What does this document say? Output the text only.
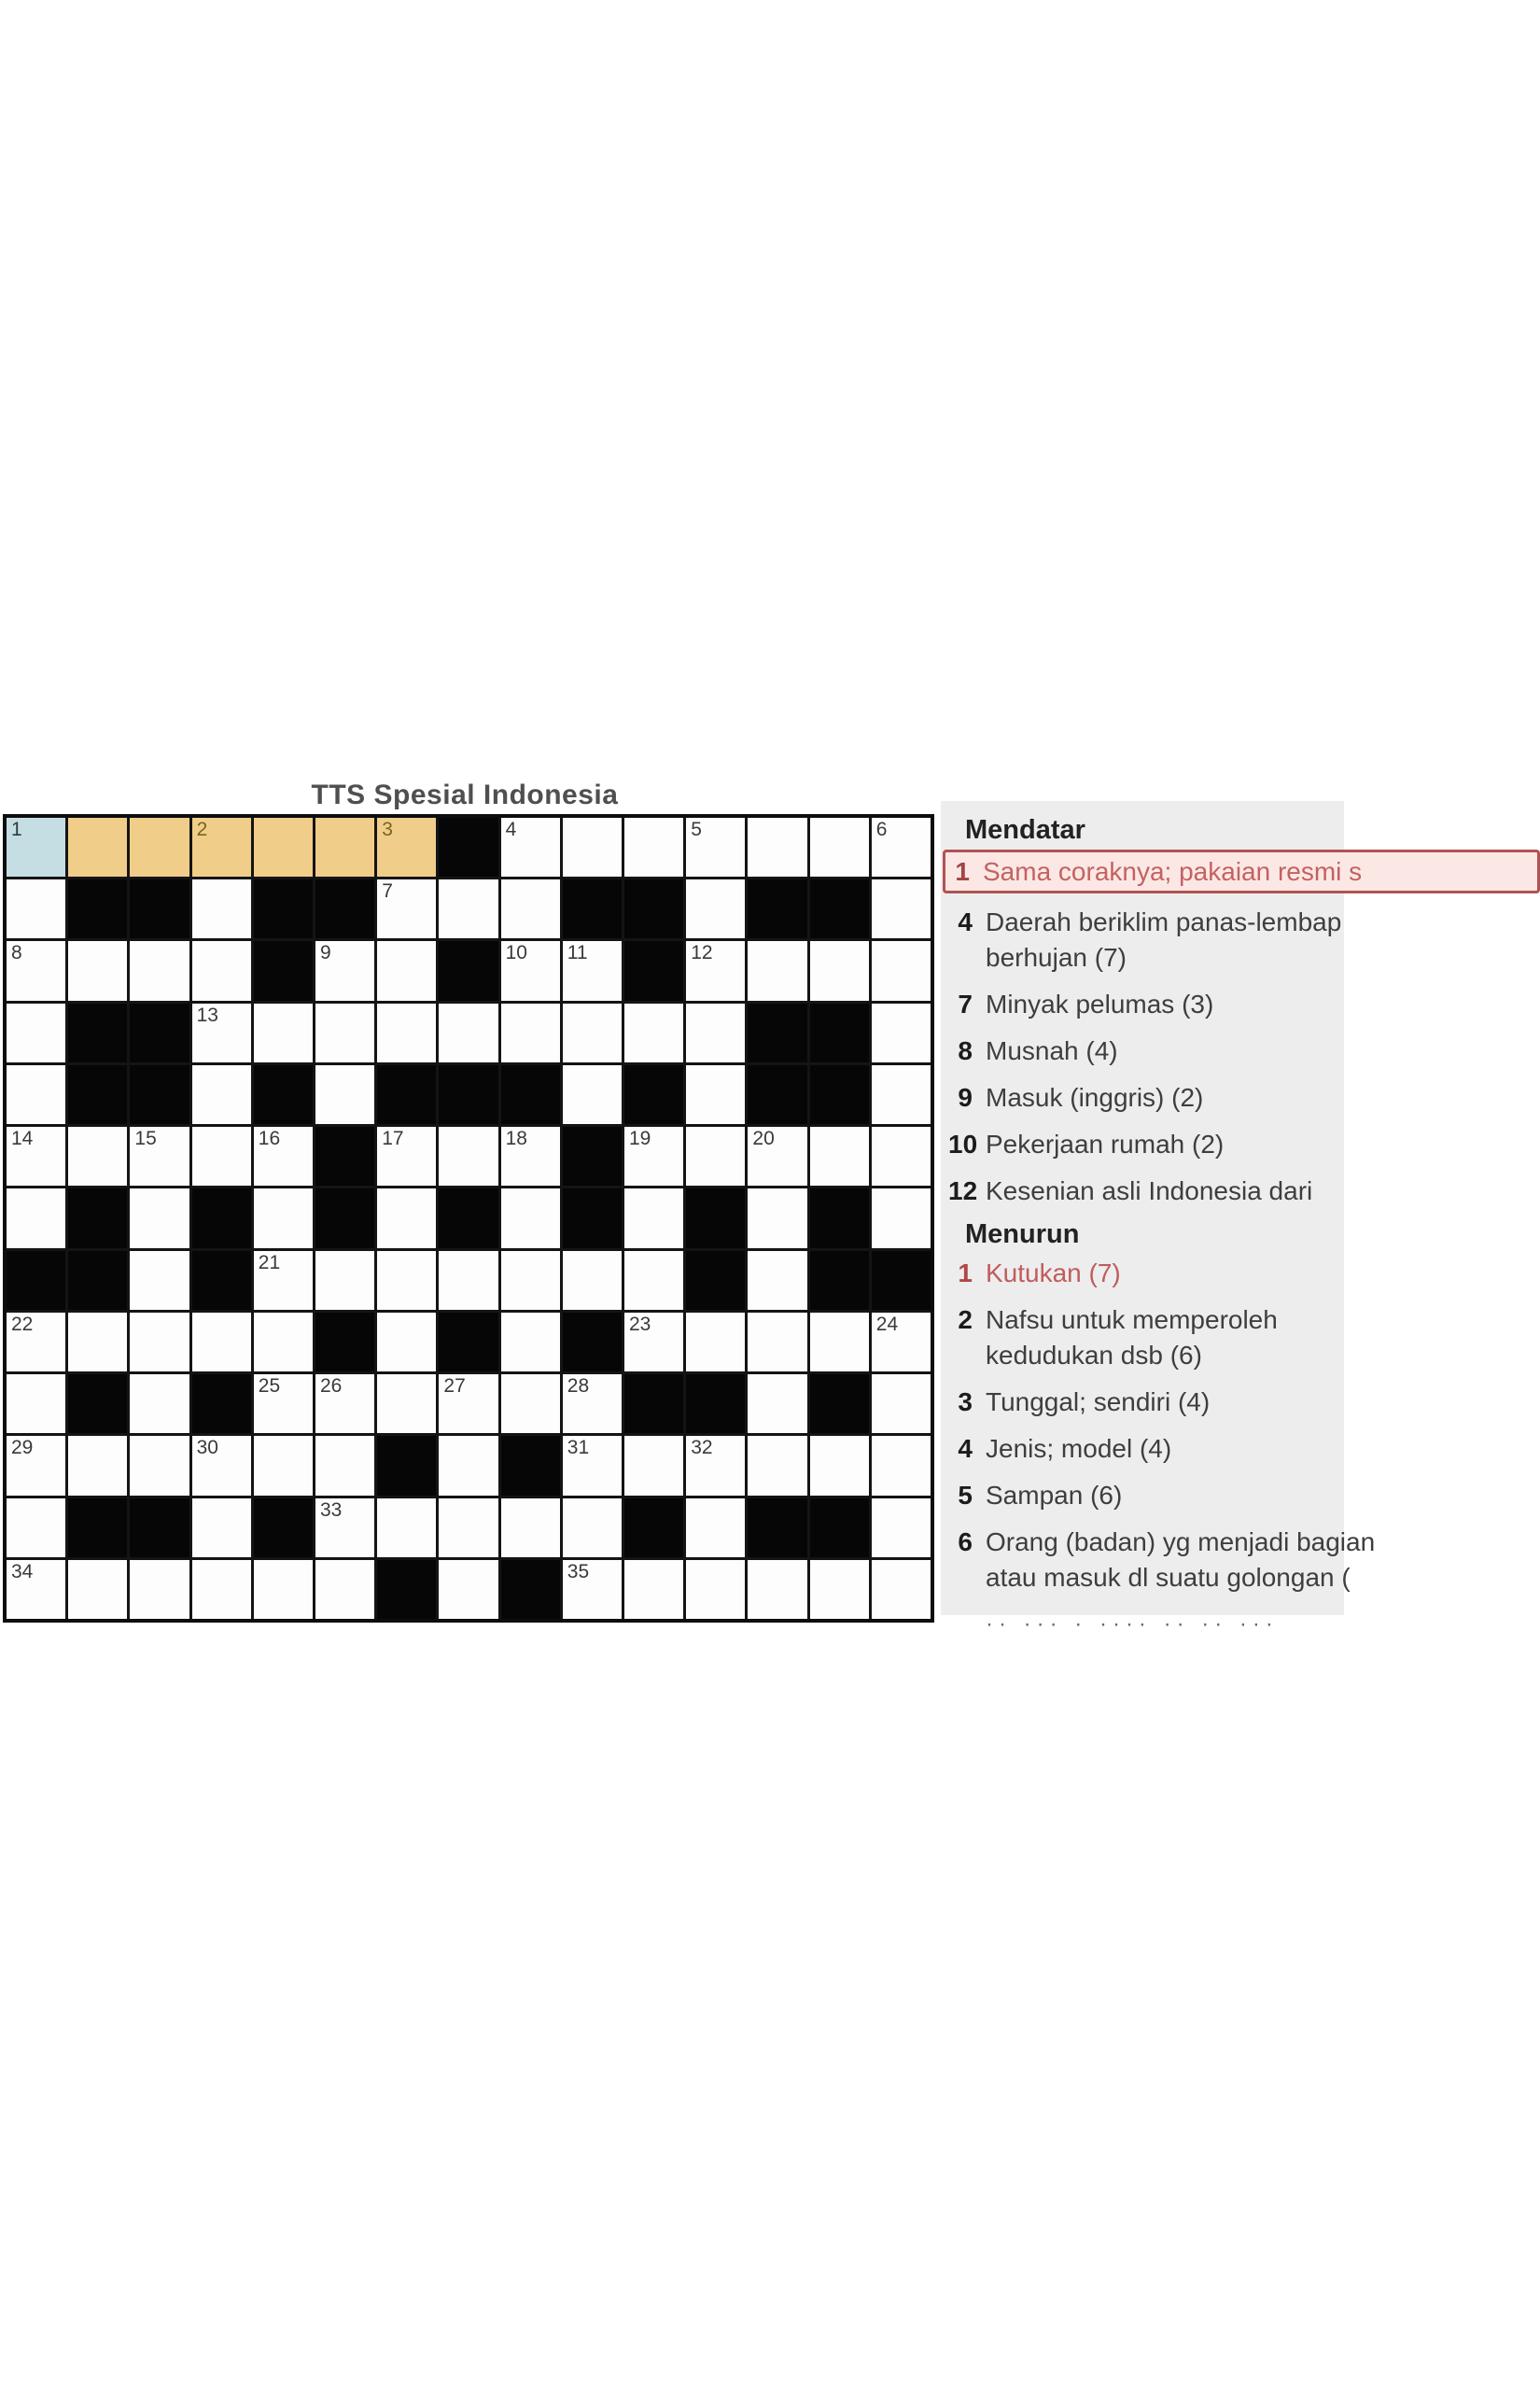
TTS Spesial Indonesia
1	2	3	4	5	6
7
8	9	10 11	12
13
14	15	16	17	18	19	20
21
22	23	24
25 26	27	28
29	30	31	32
33
34	35
Mendatar
1 Sama coraknya; pakaian resmi s
4 Daerah beriklim panas-lembap
berhujan (7)
7 Minyak pelumas (3)
8 Musnah (4)
9 Masuk (inggris) (2)
10 Pekerjaan rumah (2)
12 Kesenian asli Indonesia dari
Menurun
1 Kutukan (7)
2 Nafsu untuk memperoleh
kedudukan dsb (6)
3 Tunggal; sendiri (4)
4 Jenis; model (4)
5 Sampan (6)
6 Orang (badan) yg menjadi bagian
atau masuk dl suatu golongan (
·· ··· · ···· ·· ·· ···
